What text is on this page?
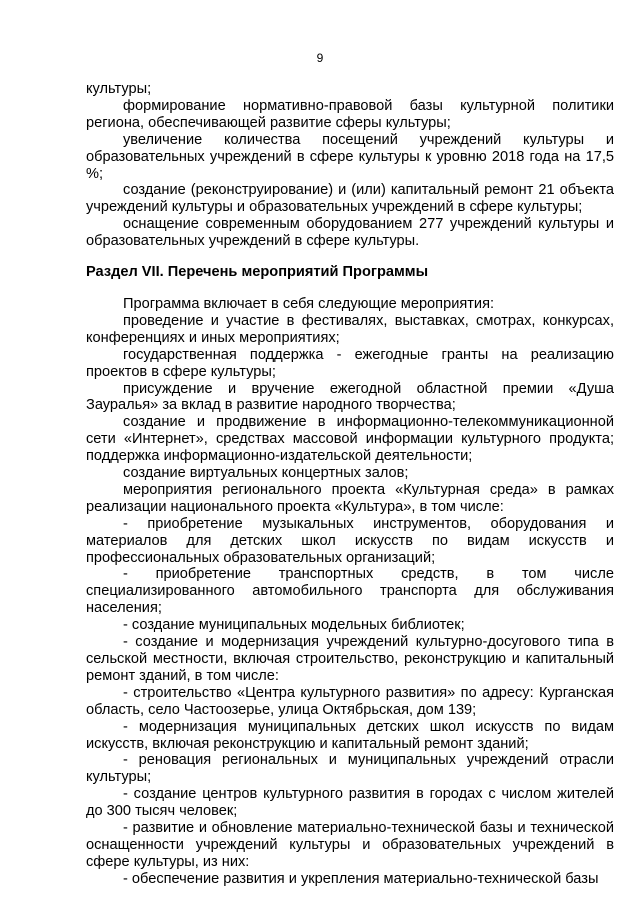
9

культуры;

формирование нормативно-правовой базы культурной политики региона, обеспечивающей развитие сферы культуры;

увеличение количества посещений учреждений культуры и образовательных учреждений в сфере культуры к уровню 2018 года на 17,5 %;

создание (реконструирование) и (или) капитальный ремонт 21 объекта учреждений культуры и образовательных учреждений в сфере культуры;

оснащение современным оборудованием 277 учреждений культуры и образовательных учреждений в сфере культуры.

Раздел VII. Перечень мероприятий Программы

Программа включает в себя следующие мероприятия:

проведение и участие в фестивалях, выставках, смотрах, конкурсах, конференциях и иных мероприятиях;

государственная поддержка - ежегодные гранты на реализацию проектов в сфере культуры;

присуждение и вручение ежегодной областной премии «Душа Зауралья» за вклад в развитие народного творчества;

создание и продвижение в информационно-телекоммуникационной сети «Интернет», средствах массовой информации культурного продукта; поддержка информационно-издательской деятельности;

создание виртуальных концертных залов;

мероприятия регионального проекта «Культурная среда» в рамках реализации национального проекта «Культура», в том числе:

- приобретение музыкальных инструментов, оборудования и материалов для детских школ искусств по видам искусств и профессиональных образовательных организаций;

- приобретение транспортных средств, в том числе специализированного автомобильного транспорта для обслуживания населения;

- создание муниципальных модельных библиотек;

- создание и модернизация учреждений культурно-досугового типа в сельской местности, включая строительство, реконструкцию и капитальный ремонт зданий, в том числе:

- строительство «Центра культурного развития» по адресу: Курганская область, село Частоозерье, улица Октябрьская, дом 139;

- модернизация муниципальных детских школ искусств по видам искусств, включая реконструкцию и капитальный ремонт зданий;

- реновация региональных и муниципальных учреждений отрасли культуры;

- создание центров культурного развития в городах с числом жителей до 300 тысяч человек;

- развитие и обновление материально-технической базы и технической оснащенности учреждений культуры и образовательных учреждений в сфере культуры, из них:

- обеспечение развития и укрепления материально-технической базы
